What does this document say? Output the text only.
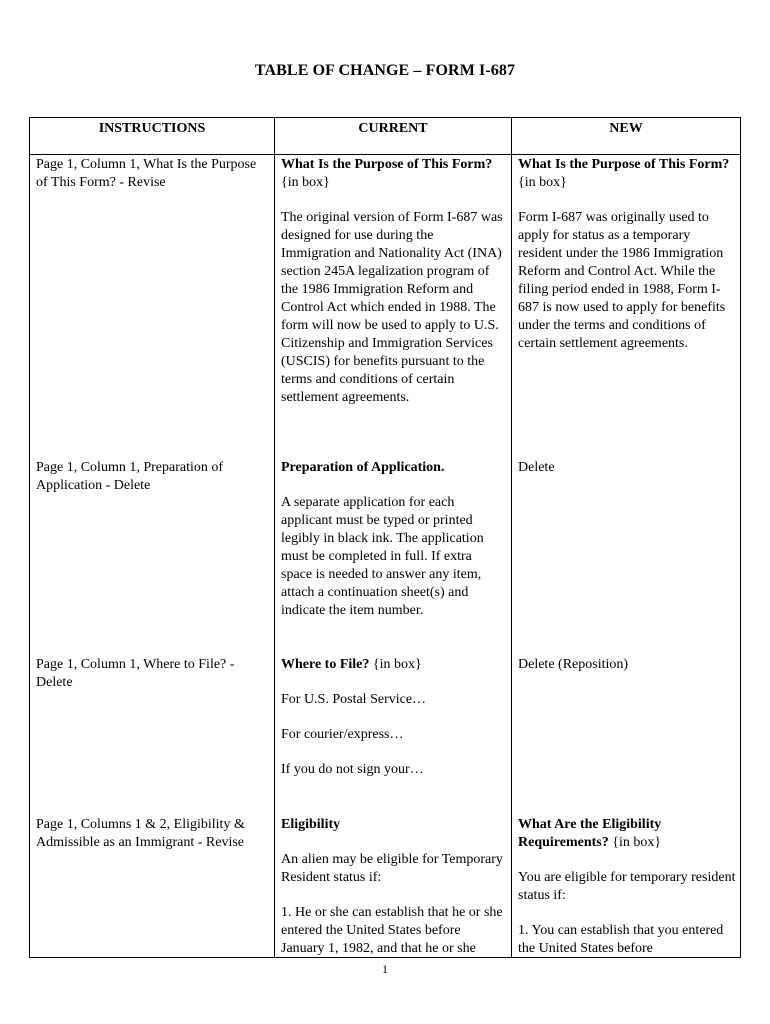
TABLE OF CHANGE – FORM I-687
INSTRUCTIONS	CURRENT	NEW
Page 1, Column 1, What Is the Purpose of This Form? - Revise

What Is the Purpose of This Form? {in box}

The original version of Form I-687 was designed for use during the Immigration and Nationality Act (INA) section 245A legalization program of the 1986 Immigration Reform and Control Act which ended in 1988. The form will now be used to apply to U.S. Citizenship and Immigration Services (USCIS) for benefits pursuant to the terms and conditions of certain settlement agreements.

What Is the Purpose of This Form? {in box}

Form I-687 was originally used to apply for status as a temporary resident under the 1986 Immigration Reform and Control Act. While the filing period ended in 1988, Form I-687 is now used to apply for benefits under the terms and conditions of certain settlement agreements.

Page 1, Column 1, Preparation of Application - Delete

Preparation of Application.

A separate application for each applicant must be typed or printed legibly in black ink. The application must be completed in full. If extra space is needed to answer any item, attach a continuation sheet(s) and indicate the item number.

Delete
Page 1, Column 1, Where to File? - Delete

Where to File? {in box}

For U.S. Postal Service…

For courier/express…

If you do not sign your…

Delete (Reposition)
Page 1, Columns 1 & 2, Eligibility & Admissible as an Immigrant - Revise

Eligibility

An alien may be eligible for Temporary Resident status if:

1. He or she can establish that he or she entered the United States before January 1, 1982, and that he or she

What Are the Eligibility Requirements? {in box}

You are eligible for temporary resident status if:

1. You can establish that you entered the United States before

1
